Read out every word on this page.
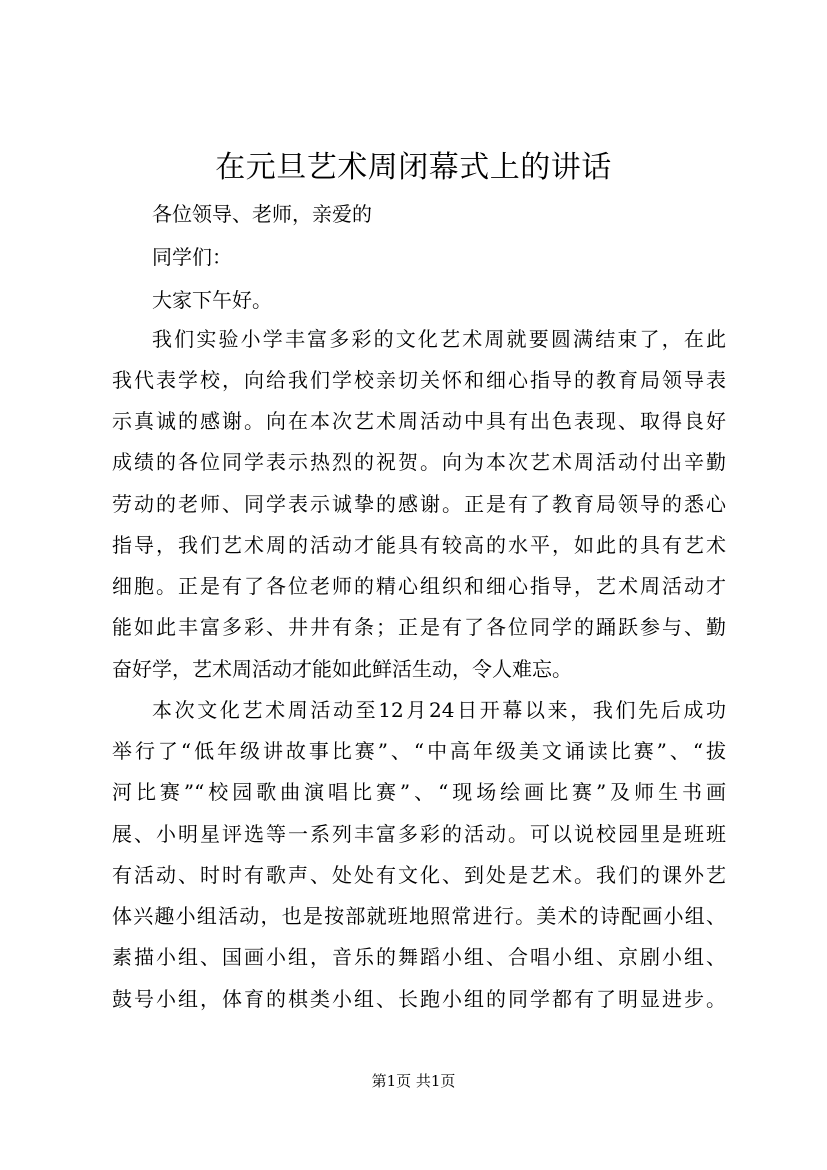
在元旦艺术周闭幕式上的讲话

各位领导、老师，亲爱的

同学们：

大家下午好。

我们实验小学丰富多彩的文化艺术周就要圆满结束了，在此

我代表学校，向给我们学校亲切关怀和细心指导的教育局领导表

示真诚的感谢。向在本次艺术周活动中具有出色表现、取得良好

成绩的各位同学表示热烈的祝贺。向为本次艺术周活动付出辛勤

劳动的老师、同学表示诚挚的感谢。正是有了教育局领导的悉心

指导，我们艺术周的活动才能具有较高的水平，如此的具有艺术

细胞。正是有了各位老师的精心组织和细心指导，艺术周活动才

能如此丰富多彩、井井有条；正是有了各位同学的踊跃参与、勤

奋好学，艺术周活动才能如此鲜活生动，令人难忘。

本次文化艺术周活动至12月24日开幕以来，我们先后成功

举行了“低年级讲故事比赛”、“中高年级美文诵读比赛”、“拔

河比赛”“校园歌曲演唱比赛”、“现场绘画比赛”及师生书画

展、小明星评选等一系列丰富多彩的活动。可以说校园里是班班

有活动、时时有歌声、处处有文化、到处是艺术。我们的课外艺

体兴趣小组活动，也是按部就班地照常进行。美术的诗配画小组、

素描小组、国画小组，音乐的舞蹈小组、合唱小组、京剧小组、

鼓号小组，体育的棋类小组、长跑小组的同学都有了明显进步。

第1页 共1页
